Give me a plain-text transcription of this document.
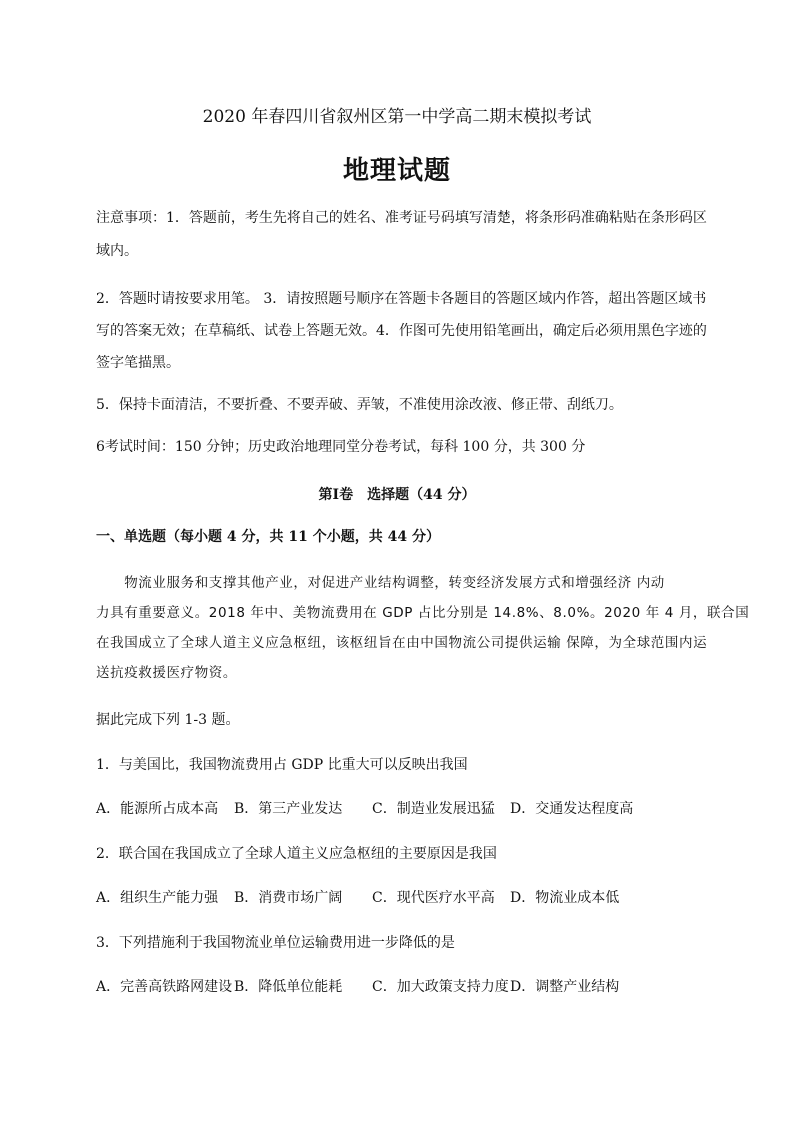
2020 年春四川省叙州区第一中学高二期末模拟考试
地理试题
注意事项：1．答题前，考生先将自己的姓名、准考证号码填写清楚，将条形码准确粘贴在条形码区
域内。
2．答题时请按要求用笔。 3．请按照题号顺序在答题卡各题目的答题区域内作答，超出答题区域书
写的答案无效；在草稿纸、试卷上答题无效。4．作图可先使用铅笔画出，确定后必须用黑色字迹的
签字笔描黑。
5．保持卡面清洁，不要折叠、不要弄破、弄皱，不准使用涂改液、修正带、刮纸刀。
6考试时间：150 分钟；历史政治地理同堂分卷考试，每科 100 分，共 300 分
第Ⅰ卷　选择题（44 分）
一、单选题（每小题 4 分，共 11 个小题，共 44 分）
　　物流业服务和支撑其他产业，对促进产业结构调整，转变经济发展方式和增强经济 内动
力具有重要意义。2018 年中、美物流费用在 GDP 占比分别是 14.8%、8.0%。2020 年 4 月，联合国
在我国成立了全球人道主义应急枢纽，该枢纽旨在由中国物流公司提供运输 保障，为全球范围内运
送抗疫救援医疗物资。
据此完成下列 1-3 题。
1．与美国比，我国物流费用占 GDP 比重大可以反映出我国
A．能源所占成本高 B．第三产业发达 C．制造业发展迅猛 D．交通发达程度高
2．联合国在我国成立了全球人道主义应急枢纽的主要原因是我国
A．组织生产能力强 B．消费市场广阔 C．现代医疗水平高 D．物流业成本低
3．下列措施利于我国物流业单位运输费用进一步降低的是
A．完善高铁路网建设 B．降低单位能耗 C．加大政策支持力度D．调整产业结构
